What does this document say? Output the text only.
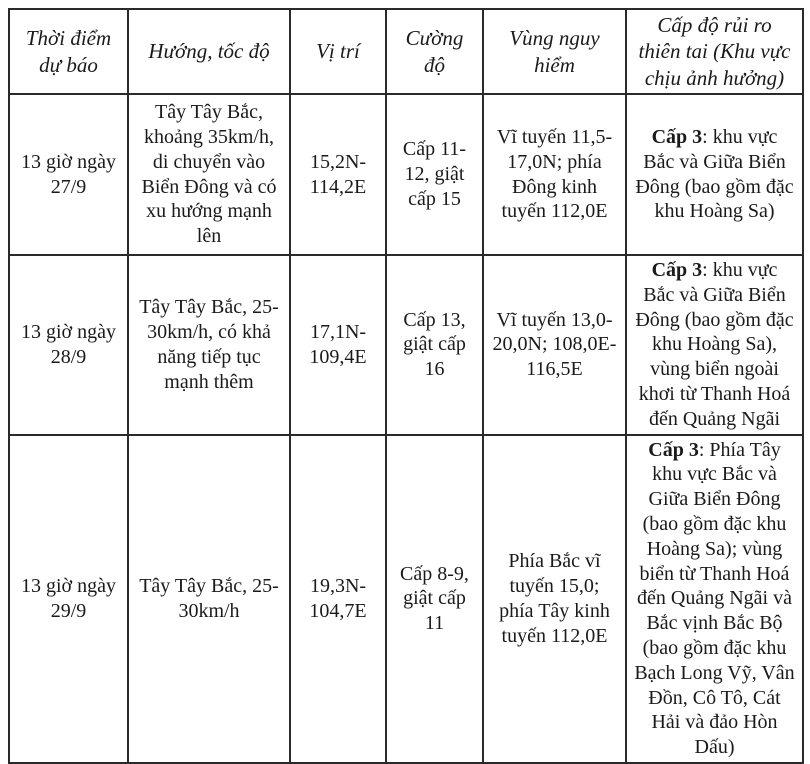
Thời điểm dự báo	Hướng, tốc độ	Vị trí	Cường độ	Vùng nguy hiểm	Cấp độ rủi ro thiên tai (Khu vực chịu ảnh hưởng)
13 giờ ngày 27/9	Tây Tây Bắc, khoảng 35km/h, di chuyển vào Biển Đông và có xu hướng mạnh lên	15,2N-114,2E	Cấp 11-12, giật cấp 15	Vĩ tuyến 11,5-17,0N; phía Đông kinh tuyến 112,0E	Cấp 3: khu vực Bắc và Giữa Biển Đông (bao gồm đặc khu Hoàng Sa)
13 giờ ngày 28/9	Tây Tây Bắc, 25-30km/h, có khả năng tiếp tục mạnh thêm	17,1N-109,4E	Cấp 13, giật cấp 16	Vĩ tuyến 13,0-20,0N; 108,0E-116,5E	Cấp 3: khu vực Bắc và Giữa Biển Đông (bao gồm đặc khu Hoàng Sa), vùng biển ngoài khơi từ Thanh Hoá đến Quảng Ngãi
13 giờ ngày 29/9	Tây Tây Bắc, 25-30km/h	19,3N-104,7E	Cấp 8-9, giật cấp 11	Phía Bắc vĩ tuyến 15,0; phía Tây kinh tuyến 112,0E	Cấp 3: Phía Tây khu vực Bắc và Giữa Biển Đông (bao gồm đặc khu Hoàng Sa); vùng biển từ Thanh Hoá đến Quảng Ngãi và Bắc vịnh Bắc Bộ (bao gồm đặc khu Bạch Long Vỹ, Vân Đồn, Cô Tô, Cát Hải và đảo Hòn Dấu)
